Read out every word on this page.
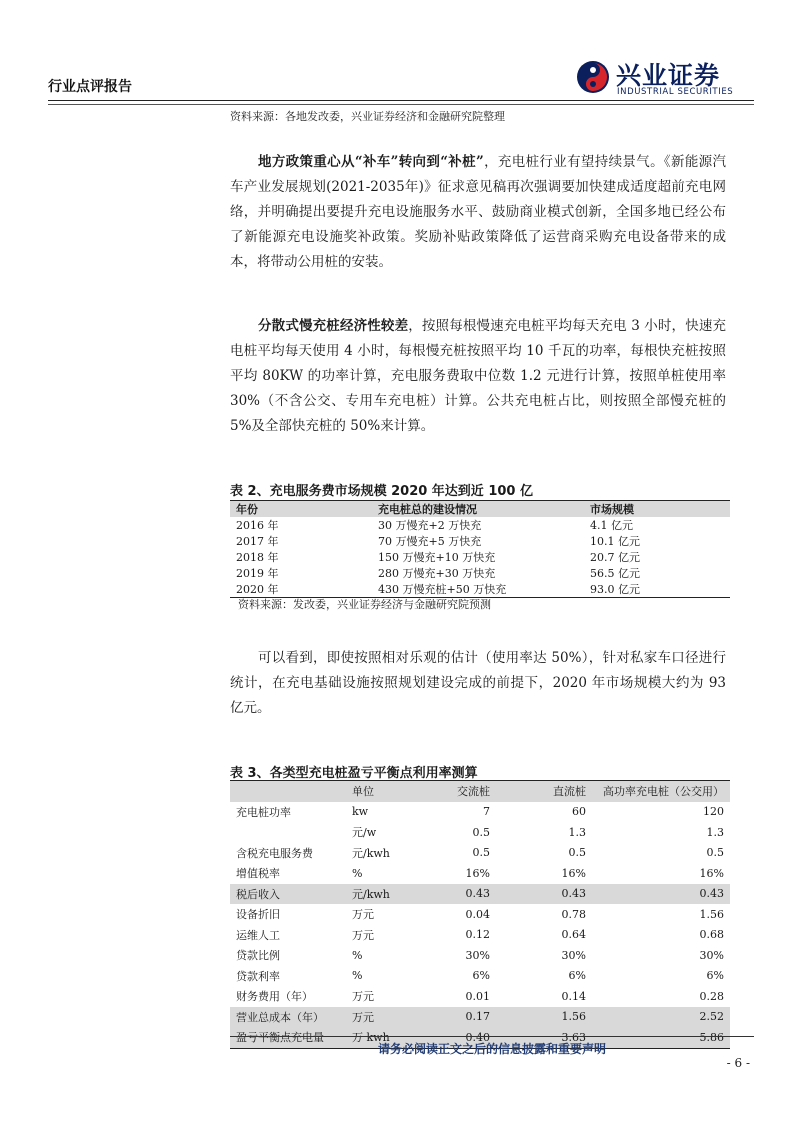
行业点评报告	兴业证券
INDUSTRIAL SECURITIES
资料来源：各地发改委，兴业证券经济和金融研究院整理

地方政策重心从“补车”转向到“补桩”，充电桩行业有望持续景气。《新能源汽车产业发展规划(2021-2035年)》征求意见稿再次强调要加快建成适度超前充电网络，并明确提出要提升充电设施服务水平、鼓励商业模式创新，全国多地已经公布了新能源充电设施奖补政策。奖励补贴政策降低了运营商采购充电设备带来的成本，将带动公用桩的安装。

分散式慢充桩经济性较差，按照每根慢速充电桩平均每天充电 3 小时，快速充电桩平均每天使用 4 小时，每根慢充桩按照平均 10 千瓦的功率，每根快充桩按照平均 80KW 的功率计算，充电服务费取中位数 1.2 元进行计算，按照单桩使用率 30%（不含公交、专用车充电桩）计算。公共充电桩占比，则按照全部慢充桩的 5%及全部快充桩的 50%来计算。

表 2、充电服务费市场规模 2020 年达到近 100 亿
年份	充电桩总的建设情况	市场规模
2016 年	30 万慢充+2 万快充	4.1 亿元
2017 年	70 万慢充+5 万快充	10.1 亿元
2018 年	150 万慢充+10 万快充	20.7 亿元
2019 年	280 万慢充+30 万快充	56.5 亿元
2020 年	430 万慢充桩+50 万快充	93.0 亿元
资料来源：发改委，兴业证券经济与金融研究院预测

可以看到，即使按照相对乐观的估计（使用率达 50%），针对私家车口径进行统计，在充电基础设施按照规划建设完成的前提下，2020 年市场规模大约为 93 亿元。

表 3、各类型充电桩盈亏平衡点利用率测算
	单位	交流桩	直流桩	高功率充电桩（公交用）
充电桩功率	kw	7	60	120
	元/w	0.5	1.3	1.3
含税充电服务费	元/kwh	0.5	0.5	0.5
增值税率	%	16%	16%	16%
税后收入	元/kwh	0.43	0.43	0.43
设备折旧	万元	0.04	0.78	1.56
运维人工	万元	0.12	0.64	0.68
贷款比例	%	30%	30%	30%
贷款利率	%	6%	6%	6%
财务费用（年）	万元	0.01	0.14	0.28
营业总成本（年）	万元	0.17	1.56	2.52
盈亏平衡点充电量	万 kwh	0.40	3.63	5.86
请务必阅读正文之后的信息披露和重要声明
- 6 -
